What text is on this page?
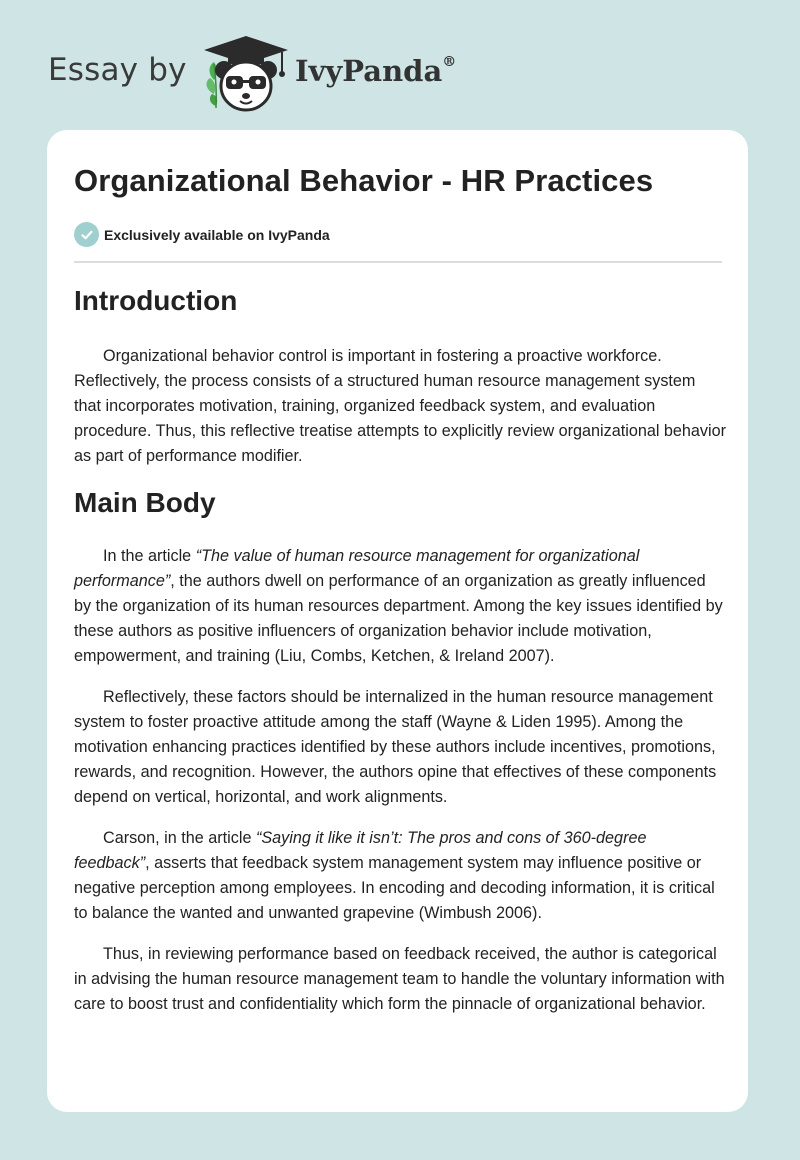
Essay by	IvyPanda®
Organizational Behavior - HR Practices
Exclusively available on IvyPanda
Introduction

Organizational behavior control is important in fostering a proactive workforce. Reflectively, the process consists of a structured human resource management system that incorporates motivation, training, organized feedback system, and evaluation procedure. Thus, this reflective treatise attempts to explicitly review organizational behavior as part of performance modifier.

Main Body

In the article “The value of human resource management for organizational performance”, the authors dwell on performance of an organization as greatly influenced by the organization of its human resources department. Among the key issues identified by these authors as positive influencers of organization behavior include motivation, empowerment, and training (Liu, Combs, Ketchen, & Ireland 2007).

Reflectively, these factors should be internalized in the human resource management system to foster proactive attitude among the staff (Wayne & Liden 1995). Among the motivation enhancing practices identified by these authors include incentives, promotions, rewards, and recognition. However, the authors opine that effectives of these components depend on vertical, horizontal, and work alignments.

Carson, in the article “Saying it like it isn’t: The pros and cons of 360-degree feedback”, asserts that feedback system management system may influence positive or negative perception among employees. In encoding and decoding information, it is critical to balance the wanted and unwanted grapevine (Wimbush 2006).

Thus, in reviewing performance based on feedback received, the author is categorical in advising the human resource management team to handle the voluntary information with care to boost trust and confidentiality which form the pinnacle of organizational behavior.
